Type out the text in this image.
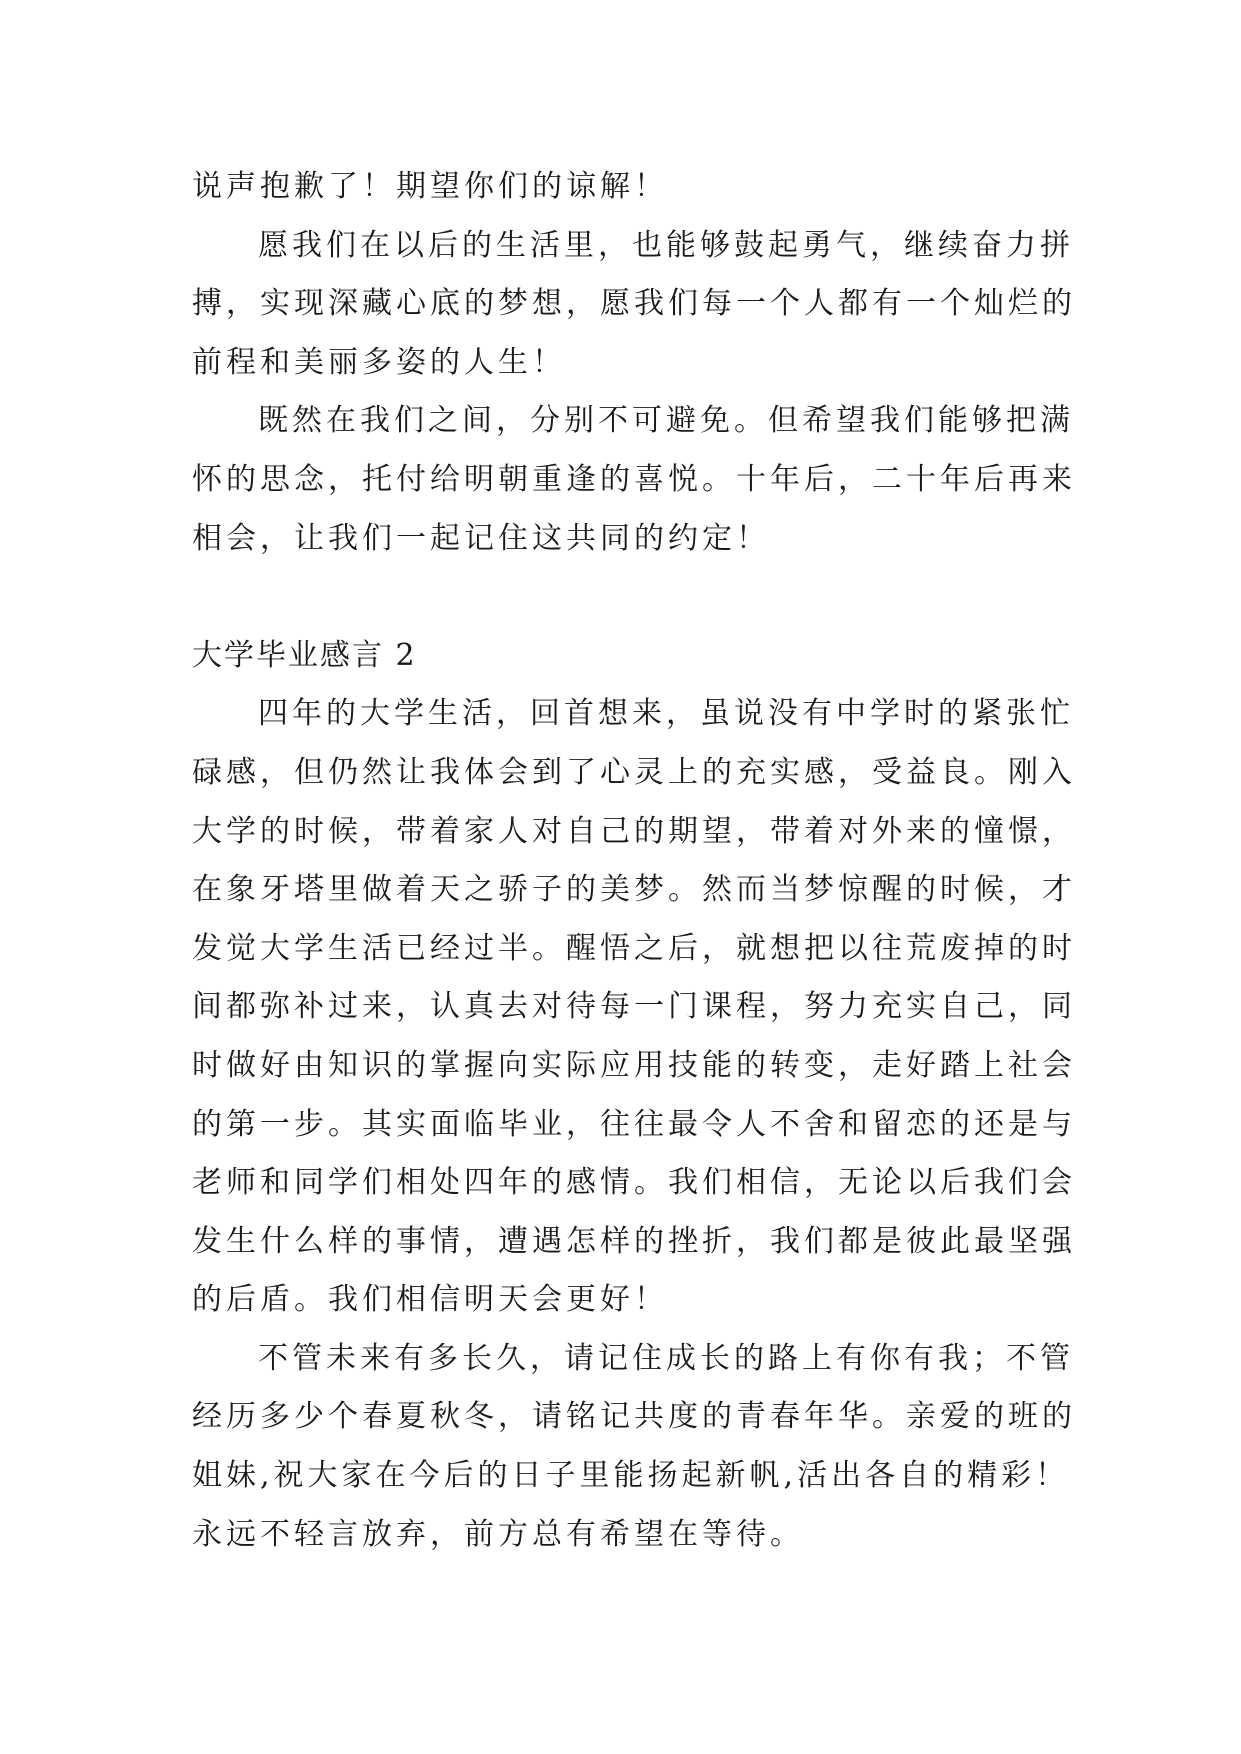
说声抱歉了！期望你们的谅解！
愿我们在以后的生活里，也能够鼓起勇气，继续奋力拼
搏，实现深藏心底的梦想，愿我们每一个人都有一个灿烂的
前程和美丽多姿的人生！
既然在我们之间，分别不可避免。但希望我们能够把满
怀的思念，托付给明朝重逢的喜悦。十年后，二十年后再来
相会，让我们一起记住这共同的约定！
大学毕业感言 2
四年的大学生活，回首想来，虽说没有中学时的紧张忙
碌感，但仍然让我体会到了心灵上的充实感，受益良。刚入
大学的时候，带着家人对自己的期望，带着对外来的憧憬，
在象牙塔里做着天之骄子的美梦。然而当梦惊醒的时候，才
发觉大学生活已经过半。醒悟之后，就想把以往荒废掉的时
间都弥补过来，认真去对待每一门课程，努力充实自己，同
时做好由知识的掌握向实际应用技能的转变，走好踏上社会
的第一步。其实面临毕业，往往最令人不舍和留恋的还是与
老师和同学们相处四年的感情。我们相信，无论以后我们会
发生什么样的事情，遭遇怎样的挫折，我们都是彼此最坚强
的后盾。我们相信明天会更好！
不管未来有多长久，请记住成长的路上有你有我；不管
经历多少个春夏秋冬，请铭记共度的青春年华。亲爱的班的
姐妹,祝大家在今后的日子里能扬起新帆,活出各自的精彩！
永远不轻言放弃，前方总有希望在等待。
